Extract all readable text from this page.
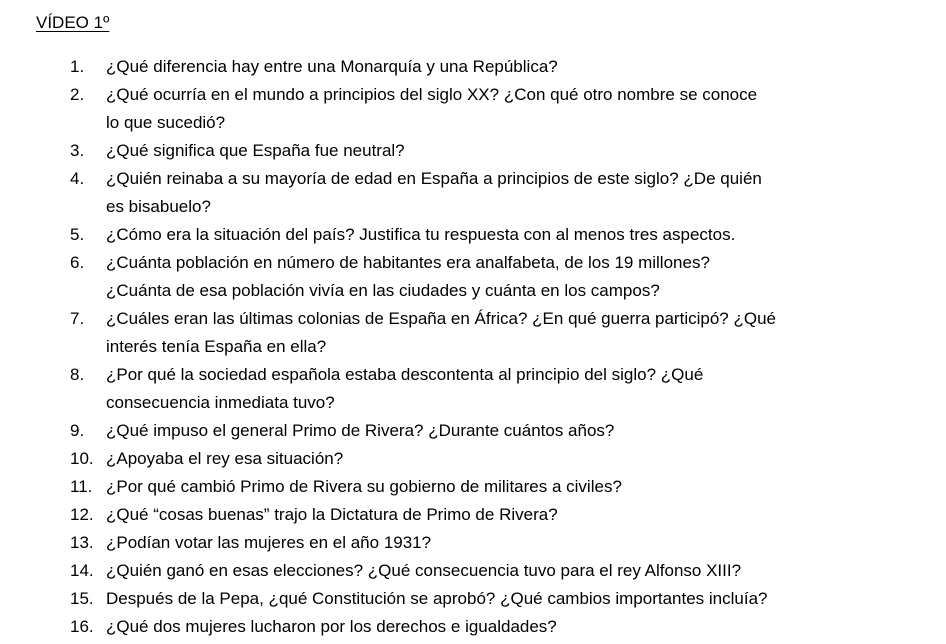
VÍDEO 1º
1.	¿Qué diferencia hay entre una Monarquía y una República?
2.	¿Qué ocurría en el mundo a principios del siglo XX? ¿Con qué otro nombre se conoce
lo que sucedió?
3.	¿Qué significa que España fue neutral?
4.	¿Quién reinaba a su mayoría de edad en España a principios de este siglo? ¿De quién
es bisabuelo?
5.	¿Cómo era la situación del país? Justifica tu respuesta con al menos tres aspectos.
6.	¿Cuánta población en número de habitantes era analfabeta, de los 19 millones?
¿Cuánta de esa población vivía en las ciudades y cuánta en los campos?
7.	¿Cuáles eran las últimas colonias de España en África? ¿En qué guerra participó? ¿Qué
interés tenía España en ella?
8.	¿Por qué la sociedad española estaba descontenta al principio del siglo? ¿Qué
consecuencia inmediata tuvo?
9.	¿Qué impuso el general Primo de Rivera? ¿Durante cuántos años?
10. ¿Apoyaba el rey esa situación?
11. ¿Por qué cambió Primo de Rivera su gobierno de militares a civiles?
12. ¿Qué “cosas buenas” trajo la Dictatura de Primo de Rivera?
13. ¿Podían votar las mujeres en el año 1931?
14. ¿Quién ganó en esas elecciones? ¿Qué consecuencia tuvo para el rey Alfonso XIII?
15. Después de la Pepa, ¿qué Constitución se aprobó? ¿Qué cambios importantes incluía?
16. ¿Qué dos mujeres lucharon por los derechos e igualdades?
